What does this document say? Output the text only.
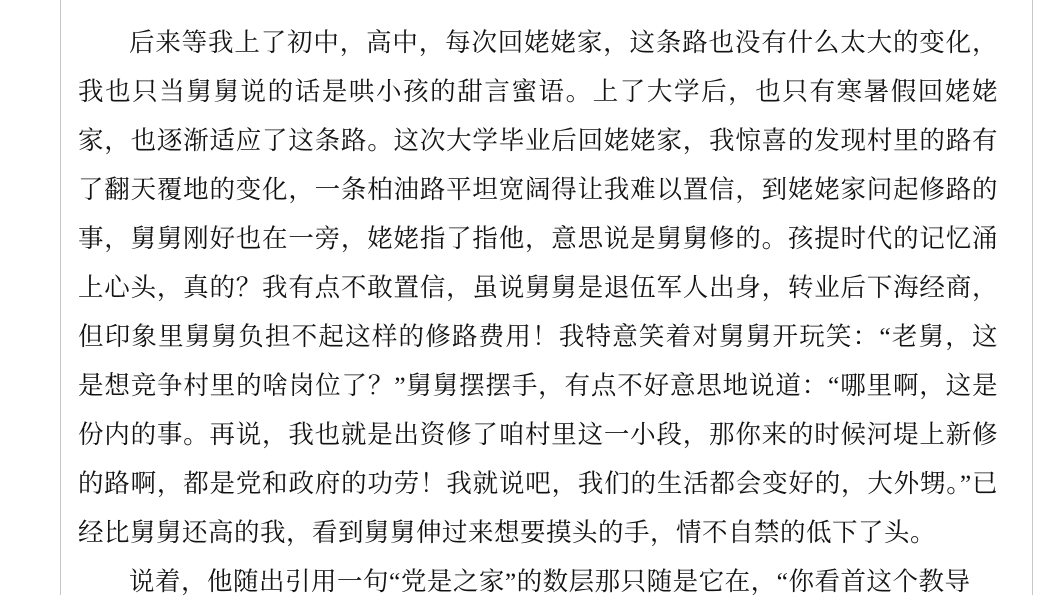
后来等我上了初中，高中，每次回姥姥家，这条路也没有什么太大的变化，我也只当舅舅说的话是哄小孩的甜言蜜语。上了大学后，也只有寒暑假回姥姥家，也逐渐适应了这条路。这次大学毕业后回姥姥家，我惊喜的发现村里的路有了翻天覆地的变化，一条柏油路平坦宽阔得让我难以置信，到姥姥家问起修路的事，舅舅刚好也在一旁，姥姥指了指他，意思说是舅舅修的。孩提时代的记忆涌上心头，真的？我有点不敢置信，虽说舅舅是退伍军人出身，转业后下海经商，但印象里舅舅负担不起这样的修路费用！我特意笑着对舅舅开玩笑：“老舅，这是想竞争村里的啥岗位了？”舅舅摆摆手，有点不好意思地说道：“哪里啊，这是份内的事。再说，我也就是出资修了咱村里这一小段，那你来的时候河堤上新修的路啊，都是党和政府的功劳！我就说吧，我们的生活都会变好的，大外甥。”已经比舅舅还高的我，看到舅舅伸过来想要摸头的手，情不自禁的低下了头。

说着，他随出引用一句“党是之家”的数层那只随是它在，“你看首这个教导
